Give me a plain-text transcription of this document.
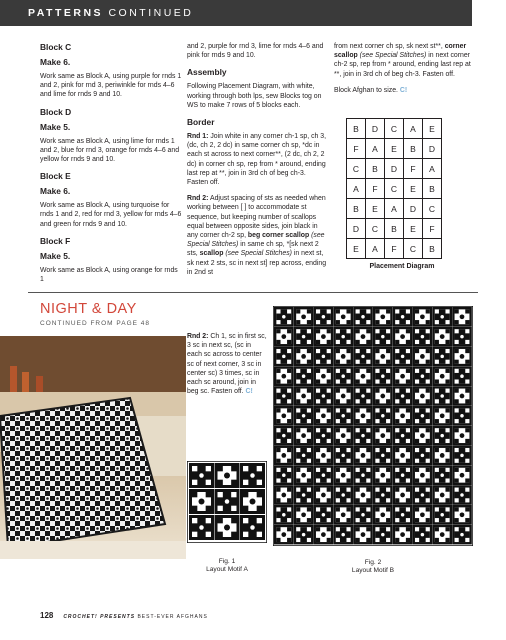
PATTERNS CONTINUED
Block C
Make 6.
Work same as Block A, using purple for rnds 1 and 2, pink for rnd 3, periwinkle for rnds 4–6 and lime for rnds 9 and 10.
Block D
Make 5.
Work same as Block A, using lime for rnds 1 and 2, blue for rnd 3, orange for rnds 4–6 and yellow for rnds 9 and 10.
Block E
Make 6.
Work same as Block A, using turquoise for rnds 1 and 2, red for rnd 3, yellow for rnds 4–6 and green for rnds 9 and 10.
Block F
Make 5.
Work same as Block A, using orange for rnds 1
and 2, purple for rnd 3, lime for rnds 4–6 and pink for rnds 9 and 10.
Assembly
Following Placement Diagram, with white, working through both lps, sew Blocks tog on WS to make 7 rows of 5 blocks each.
Border
Rnd 1: Join white in any corner ch-1 sp, ch 3, (dc, ch 2, 2 dc) in same corner ch sp, *dc in each st across to next corner**, (2 dc, ch 2, 2 dc) in corner ch sp, rep from * around, ending last rep at **, join in 3rd ch of beg ch-3. Fasten off.
Rnd 2: Adjust spacing of sts as needed when working between [ ] to accommodate st sequence, but keeping number of scallops equal between opposite sides, join black in any corner ch-2 sp, beg corner scallop (see Special Stitches) in same ch sp, *[sk next 2 sts, scallop (see Special Stitches) in next st, sk next 2 sts, sc in next st] rep across, ending in 2nd st
from next corner ch sp, sk next st**, corner scallop (see Special Stitches) in next corner ch-2 sp, rep from * around, ending last rep at **, join in 3rd ch of beg ch-3. Fasten off.
Block Afghan to size. C!
B	D	C	A	E
F	A	E	B	D
C	B	D	F	A
A	F	C	E	B
B	E	A	D	C
D	C	B	E	F
E	A	F	C	B
Placement Diagram
NIGHT & DAY
CONTINUED FROM PAGE 48
Rnd 2: Ch 1, sc in first sc, 3 sc in next sc, (sc in each sc across to center sc of next corner, 3 sc in center sc) 3 times, sc in each sc around, join in beg sc. Fasten off. C!
Fig. 1
Layout Motif A
Fig. 2
Layout Motif B
128 CROCHET! PRESENTS BEST-EVER AFGHANS
